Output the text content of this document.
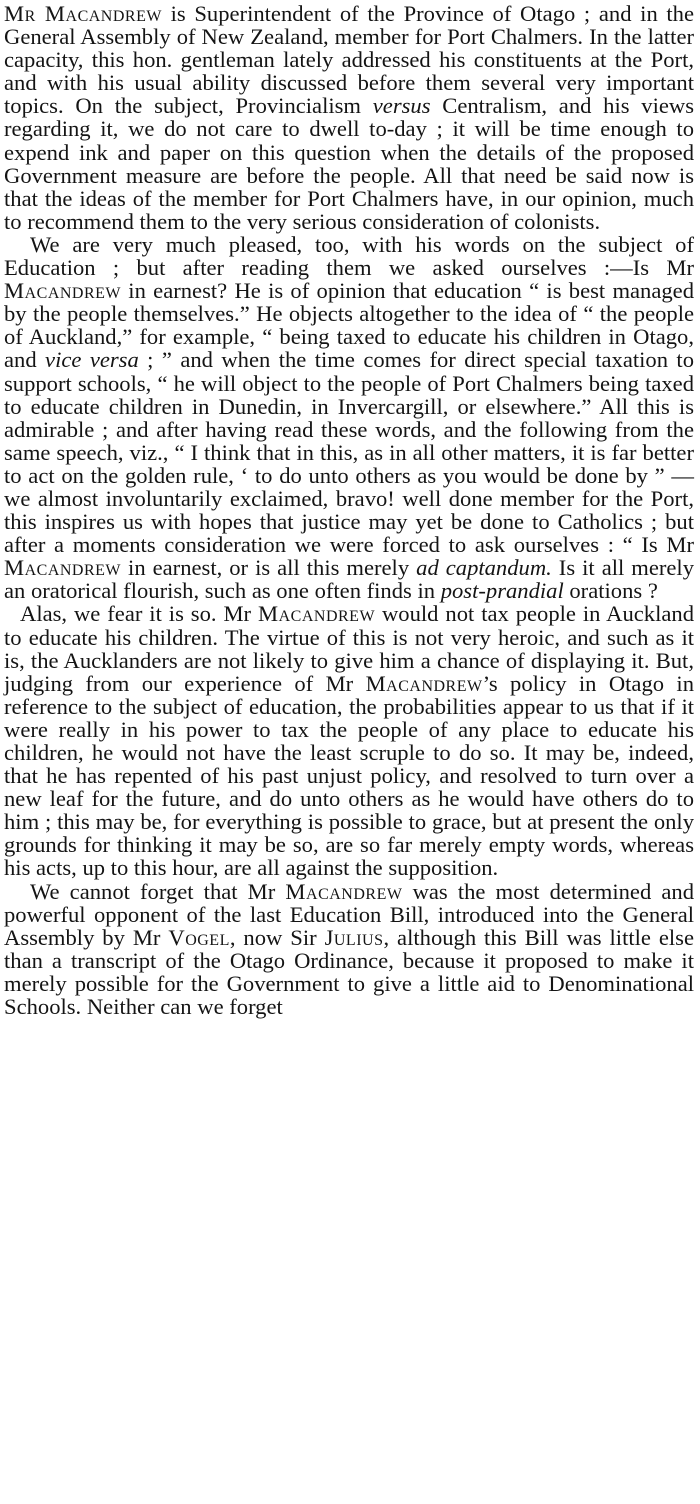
Mr Macandrew is Superintendent of the Province of Otago ; and in the General Assembly of New Zealand, member for Port Chalmers. In the latter capacity, this hon. gentleman lately addressed his constituents at the Port, and with his usual ability discussed before them several very important topics. On the subject, Provincialism versus Centralism, and his views regarding it, we do not care to dwell to-day ; it will be time enough to expend ink and paper on this question when the details of the proposed Government measure are before the people. All that need be said now is that the ideas of the member for Port Chalmers have, in our opinion, much to recommend them to the very serious consideration of colonists.

We are very much pleased, too, with his words on the subject of Education ; but after reading them we asked ourselves :—Is Mr Macandrew in earnest? He is of opinion that education “ is best managed by the people themselves.” He objects altogether to the idea of “ the people of Auckland,” for example, “ being taxed to educate his children in Otago, and vice versa ; ” and when the time comes for direct special taxation to support schools, “ he will object to the people of Port Chalmers being taxed to educate children in Dunedin, in Invercargill, or elsewhere.” All this is admirable ; and after having read these words, and the following from the same speech, viz., “ I think that in this, as in all other matters, it is far better to act on the golden rule, ‘ to do unto others as you would be done by ” —we almost involuntarily exclaimed, bravo! well done member for the Port, this inspires us with hopes that justice may yet be done to Catholics ; but after a moments consideration we were forced to ask ourselves : “ Is Mr Macandrew in earnest, or is all this merely ad captandum. Is it all merely an oratorical flourish, such as one often finds in post-prandial orations ?

Alas, we fear it is so. Mr Macandrew would not tax people in Auckland to educate his children. The virtue of this is not very heroic, and such as it is, the Aucklanders are not likely to give him a chance of displaying it. But, judging from our experience of Mr Macandrew’s policy in Otago in reference to the subject of education, the probabilities appear to us that if it were really in his power to tax the people of any place to educate his children, he would not have the least scruple to do so. It may be, indeed, that he has repented of his past unjust policy, and resolved to turn over a new leaf for the future, and do unto others as he would have others do to him ; this may be, for everything is possible to grace, but at present the only grounds for thinking it may be so, are so far merely empty words, whereas his acts, up to this hour, are all against the supposition.

We cannot forget that Mr Macandrew was the most determined and powerful opponent of the last Education Bill, introduced into the General Assembly by Mr Vogel, now Sir Julius, although this Bill was little else than a transcript of the Otago Ordinance, because it proposed to make it merely possible for the Government to give a little aid to Denominational Schools. Neither can we forget
